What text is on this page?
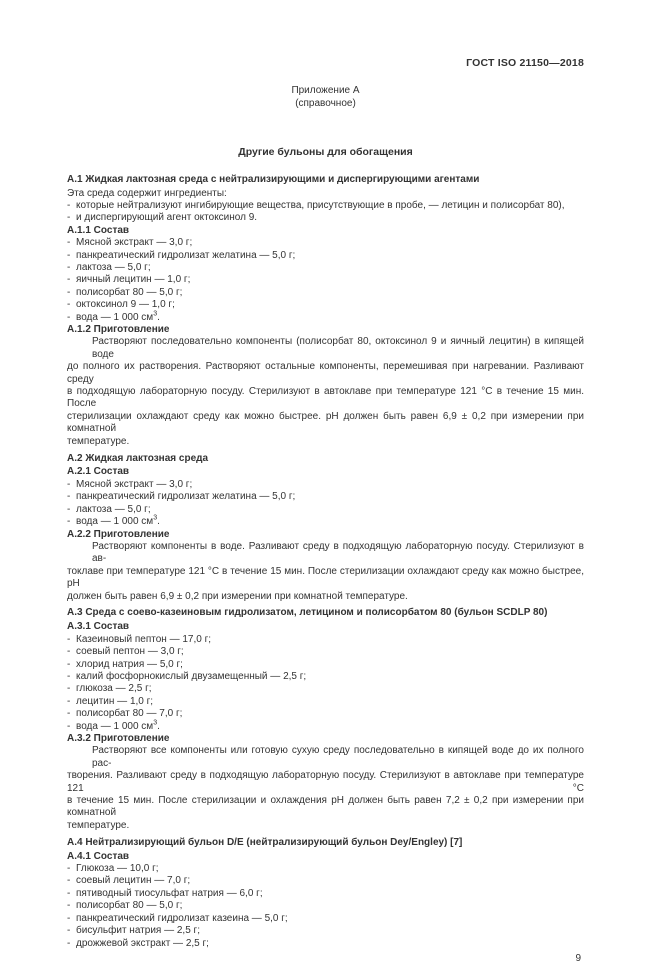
ГОСТ ISO 21150—2018
Приложение А
(справочное)
Другие бульоны для обогащения
А.1 Жидкая лактозная среда с нейтрализирующими и диспергирующими агентами
Эта среда содержит ингредиенты:
- которые нейтрализуют ингибирующие вещества, присутствующие в пробе, — летицин и полисорбат 80),
- и диспергирующий агент октоксинол 9.
А.1.1 Состав
- Мясной экстракт — 3,0 г;
- панкреатический гидролизат желатина — 5,0 г;
- лактоза — 5,0 г;
- яичный лецитин — 1,0 г;
- полисорбат 80 — 5,0 г;
- октоксинол 9 — 1,0 г;
- вода — 1 000 $см^3$.
А.1.2 Приготовление
Растворяют последовательно компоненты (полисорбат 80, октоксинол 9 и яичный лецитин) в кипящей воде
до полного их растворения. Растворяют остальные компоненты, перемешивая при нагревании. Разливают среду
в подходящую лабораторную посуду. Стерилизуют в автоклаве при температуре 121 °С в течение 15 мин. После
стерилизации охлаждают среду как можно быстрее. pH должен быть равен 6,9 ± 0,2 при измерении при комнатной
температуре.
А.2 Жидкая лактозная среда
А.2.1 Состав
- Мясной экстракт — 3,0 г;
- панкреатический гидролизат желатина — 5,0 г;
- лактоза — 5,0 г;
- вода — 1 000 $см^3$.
А.2.2 Приготовление
Растворяют компоненты в воде. Разливают среду в подходящую лабораторную посуду. Стерилизуют в ав-
токлаве при температуре 121 °С в течение 15 мин. После стерилизации охлаждают среду как можно быстрее, pH
должен быть равен 6,9 ± 0,2 при измерении при комнатной температуре.
А.3 Среда с соево-казеиновым гидролизатом, летицином и полисорбатом 80 (бульон SCDLP 80)
А.3.1 Состав
- Казеиновый пептон — 17,0 г;
- соевый пептон — 3,0 г;
- хлорид натрия — 5,0 г;
- калий фосфорнокислый двузамещенный — 2,5 г;
- глюкоза — 2,5 г;
- лецитин — 1,0 г;
- полисорбат 80 — 7,0 г;
- вода — 1 000 $см^3$.
А.3.2 Приготовление
Растворяют все компоненты или готовую сухую среду последовательно в кипящей воде до их полного рас-
творения. Разливают среду в подходящую лабораторную посуду. Стерилизуют в автоклаве при температуре 121 °С
в течение 15 мин. После стерилизации и охлаждения pH должен быть равен 7,2 ± 0,2 при измерении при комнатной
температуре.
А.4 Нейтрализирующий бульон D/E (нейтрализирующий бульон Dey/Engley) [7]
А.4.1 Состав
- Глюкоза — 10,0 г;
- соевый лецитин — 7,0 г;
- пятиводный тиосульфат натрия — 6,0 г;
- полисорбат 80 — 5,0 г;
- панкреатический гидролизат казеина — 5,0 г;
- бисульфит натрия — 2,5 г;
- дрожжевой экстракт — 2,5 г;
9
